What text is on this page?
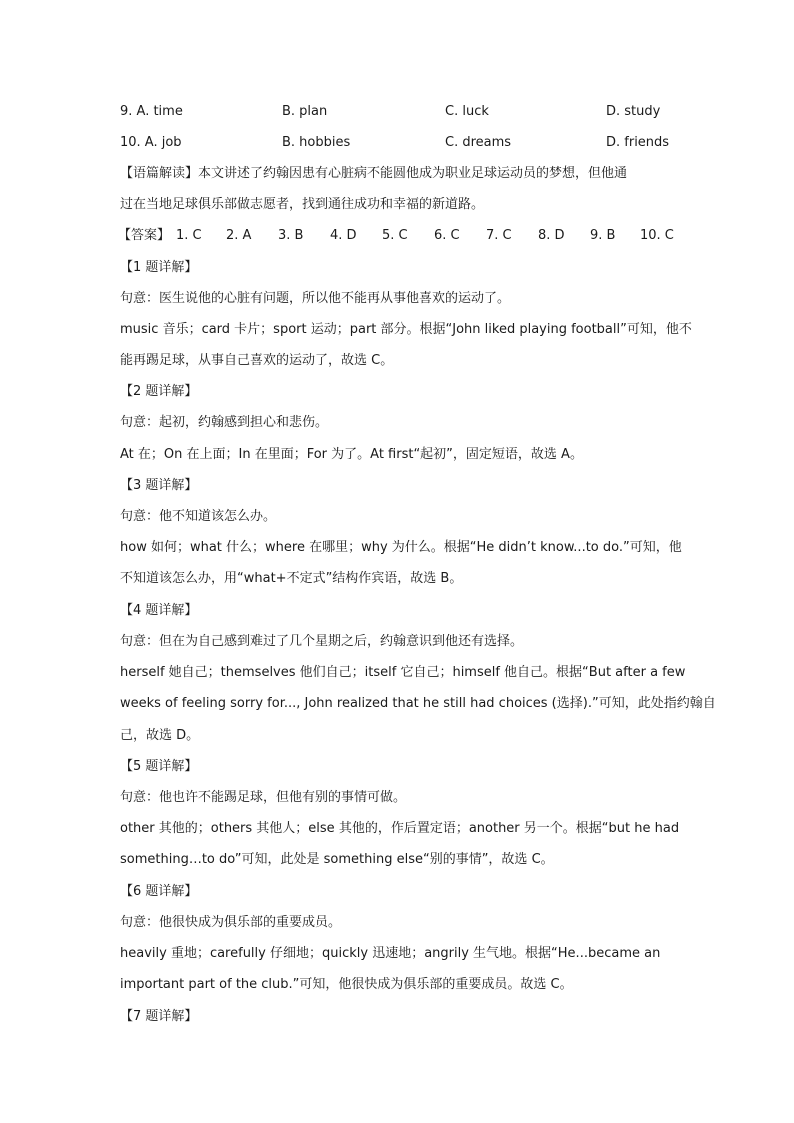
9. A. time	B. plan	C. luck	D. study
10. A. job	B. hobbies	C. dreams	D. friends
【语篇解读】本文讲述了约翰因患有心脏病不能圆他成为职业足球运动员的梦想，但他通
过在当地足球俱乐部做志愿者，找到通往成功和幸福的新道路。
【答案】 1. C 2. A 3. B 4. D 5. C 6. C 7. C 8. D 9. B 10. C
【1 题详解】
句意：医生说他的心脏有问题，所以他不能再从事他喜欢的运动了。
music 音乐；card 卡片；sport 运动；part 部分。根据“John liked playing football”可知，他不
能再踢足球，从事自己喜欢的运动了，故选 C。
【2 题详解】
句意：起初，约翰感到担心和悲伤。
At 在；On 在上面；In 在里面；For 为了。At first“起初”，固定短语，故选 A。
【3 题详解】
句意：他不知道该怎么办。
how 如何；what 什么；where 在哪里；why 为什么。根据“He didn’t know...to do.”可知，他
不知道该怎么办，用“what+不定式”结构作宾语，故选 B。
【4 题详解】
句意：但在为自己感到难过了几个星期之后，约翰意识到他还有选择。
herself 她自己；themselves 他们自己；itself 它自己；himself 他自己。根据“But after a few
weeks of feeling sorry for..., John realized that he still had choices (选择).”可知，此处指约翰自
己，故选 D。
【5 题详解】
句意：他也许不能踢足球，但他有别的事情可做。
other 其他的；others 其他人；else 其他的，作后置定语；another 另一个。根据“but he had
something…to do”可知，此处是 something else“别的事情”，故选 C。
【6 题详解】
句意：他很快成为俱乐部的重要成员。
heavily 重地；carefully 仔细地；quickly 迅速地；angrily 生气地。根据“He...became an
important part of the club.”可知，他很快成为俱乐部的重要成员。故选 C。
【7 题详解】
